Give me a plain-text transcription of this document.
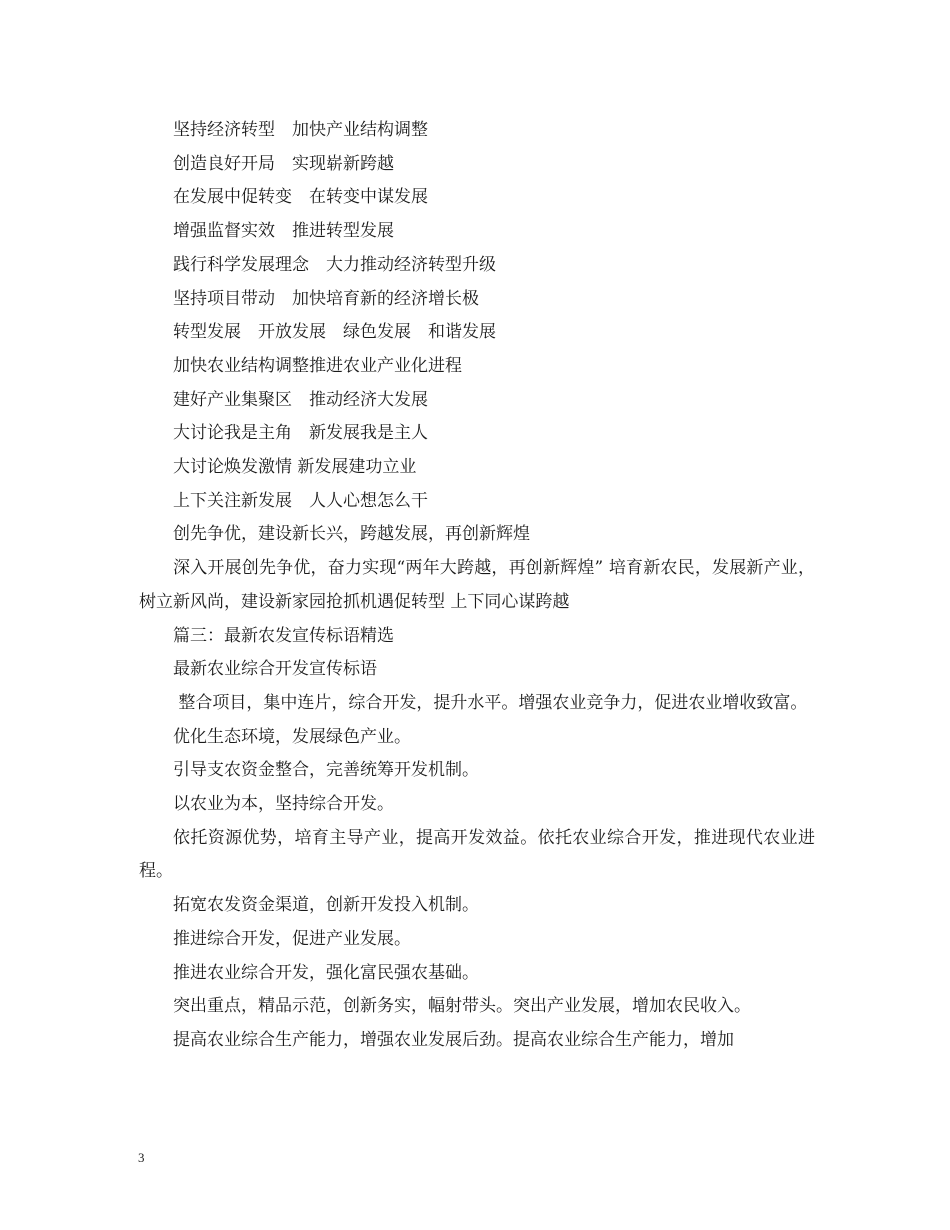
坚持经济转型　加快产业结构调整

创造良好开局　实现崭新跨越

在发展中促转变　在转变中谋发展

增强监督实效　推进转型发展

践行科学发展理念　大力推动经济转型升级

坚持项目带动　加快培育新的经济增长极

转型发展　开放发展　绿色发展　和谐发展

加快农业结构调整推进农业产业化进程

建好产业集聚区　推动经济大发展

大讨论我是主角　新发展我是主人

大讨论焕发激情 新发展建功立业

上下关注新发展　人人心想怎么干

创先争优，建设新长兴，跨越发展，再创新辉煌

深入开展创先争优，奋力实现“两年大跨越，再创新辉煌” 培育新农民，发展新产业，树立新风尚，建设新家园抢抓机遇促转型 上下同心谋跨越

篇三：最新农发宣传标语精选

最新农业综合开发宣传标语

整合项目，集中连片，综合开发，提升水平。增强农业竞争力，促进农业增收致富。

优化生态环境，发展绿色产业。

引导支农资金整合，完善统筹开发机制。

以农业为本，坚持综合开发。

依托资源优势，培育主导产业，提高开发效益。依托农业综合开发，推进现代农业进程。

拓宽农发资金渠道，创新开发投入机制。

推进综合开发，促进产业发展。

推进农业综合开发，强化富民强农基础。

突出重点，精品示范，创新务实，幅射带头。突出产业发展，增加农民收入。

提高农业综合生产能力，增强农业发展后劲。提高农业综合生产能力，增加

3
